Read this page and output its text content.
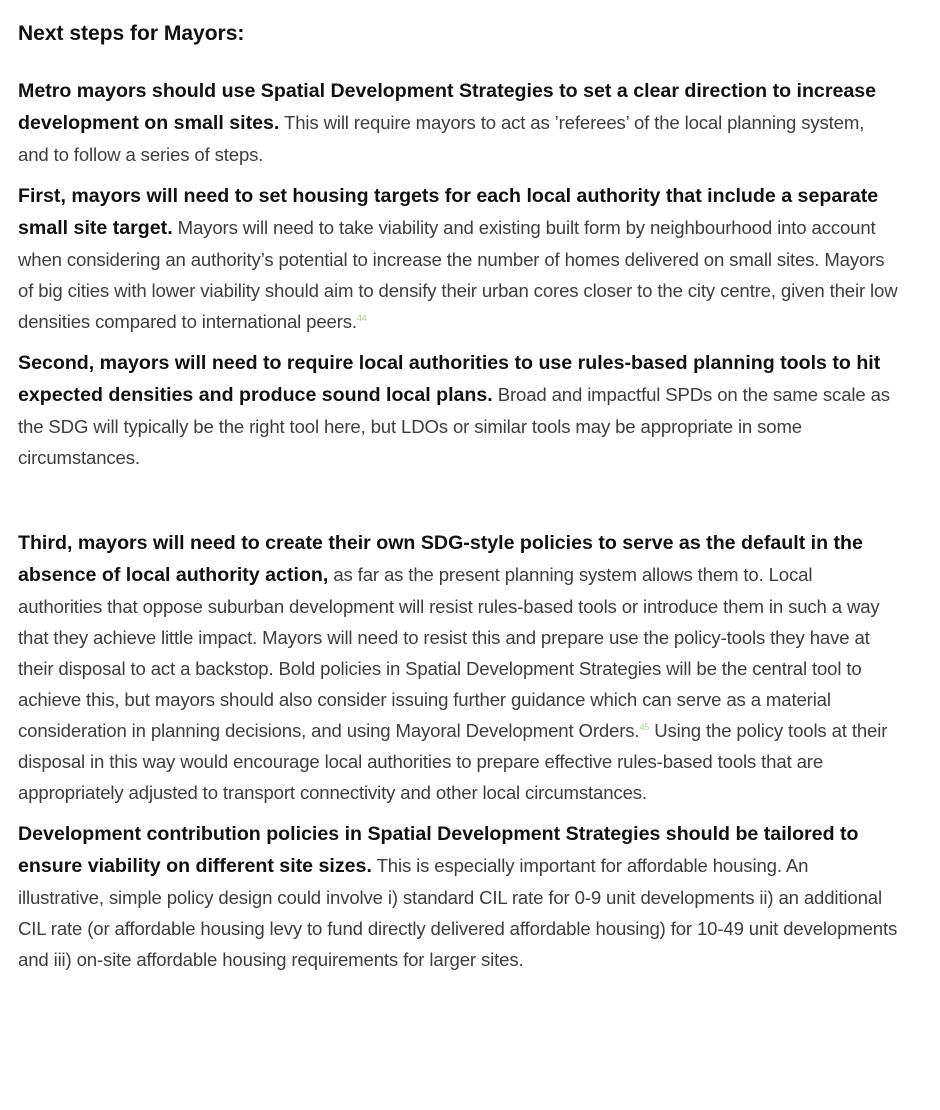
Next steps for Mayors:

Metro mayors should use Spatial Development Strategies to set a clear direction to increase development on small sites. This will require mayors to act as ’referees’ of the local planning system, and to follow a series of steps.

First, mayors will need to set housing targets for each local authority that include a separate small site target. Mayors will need to take viability and existing built form by neighbourhood into account when considering an authority’s potential to increase the number of homes delivered on small sites. Mayors of big cities with lower viability should aim to densify their urban cores closer to the city centre, given their low densities compared to international peers.$^{44}$

Second, mayors will need to require local authorities to use rules-based planning tools to hit expected densities and produce sound local plans. Broad and impactful SPDs on the same scale as the SDG will typically be the right tool here, but LDOs or similar tools may be appropriate in some circumstances.

Third, mayors will need to create their own SDG-style policies to serve as the default in the absence of local authority action, as far as the present planning system allows them to. Local authorities that oppose suburban development will resist rules-based tools or introduce them in such a way that they achieve little impact. Mayors will need to resist this and prepare use the policy-tools they have at their disposal to act a backstop. Bold policies in Spatial Development Strategies will be the central tool to achieve this, but mayors should also consider issuing further guidance which can serve as a material consideration in planning decisions, and using Mayoral Development Orders.$^{45}$ Using the policy tools at their disposal in this way would encourage local authorities to prepare effective rules-based tools that are appropriately adjusted to transport connectivity and other local circumstances.

Development contribution policies in Spatial Development Strategies should be tailored to ensure viability on different site sizes. This is especially important for affordable housing. An illustrative, simple policy design could involve i) standard CIL rate for 0-9 unit developments ii) an additional CIL rate (or affordable housing levy to fund directly delivered affordable housing) for 10-49 unit developments and iii) on-site affordable housing requirements for larger sites.
